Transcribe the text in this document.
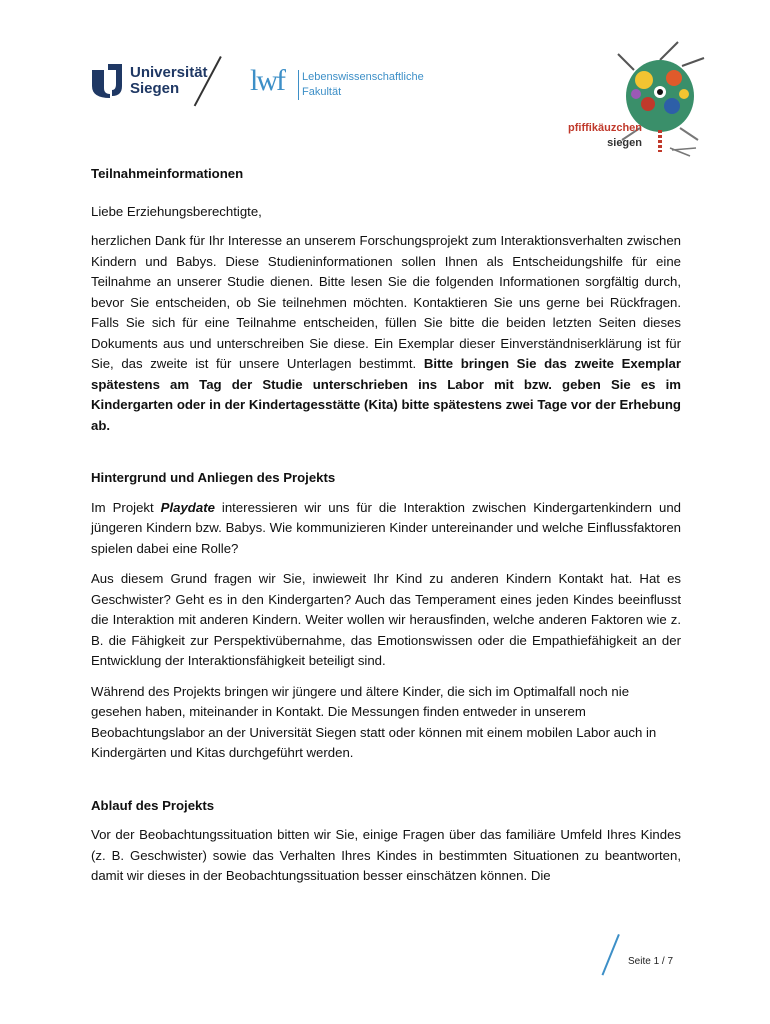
Universität
Siegen	lwf Lebenswissenschaftliche
Fakultät
pfiffikäuzchen
siegen

Teilnahmeinformationen

Liebe Erziehungsberechtigte,

herzlichen Dank für Ihr Interesse an unserem Forschungsprojekt zum Interaktionsverhalten zwischen Kindern und Babys. Diese Studieninformationen sollen Ihnen als Entscheidungshilfe für eine Teilnahme an unserer Studie dienen. Bitte lesen Sie die folgenden Informationen sorgfältig durch, bevor Sie entscheiden, ob Sie teilnehmen möchten. Kontaktieren Sie uns gerne bei Rückfragen. Falls Sie sich für eine Teilnahme entscheiden, füllen Sie bitte die beiden letzten Seiten dieses Dokuments aus und unterschreiben Sie diese. Ein Exemplar dieser Einverständniserklärung ist für Sie, das zweite ist für unsere Unterlagen bestimmt. Bitte bringen Sie das zweite Exemplar spätestens am Tag der Studie unterschrieben ins Labor mit bzw. geben Sie es im Kindergarten oder in der Kindertagesstätte (Kita) bitte spätestens zwei Tage vor der Erhebung ab.

Hintergrund und Anliegen des Projekts

Im Projekt Playdate interessieren wir uns für die Interaktion zwischen Kindergartenkindern und jüngeren Kindern bzw. Babys. Wie kommunizieren Kinder untereinander und welche Einflussfaktoren spielen dabei eine Rolle?

Aus diesem Grund fragen wir Sie, inwieweit Ihr Kind zu anderen Kindern Kontakt hat. Hat es Geschwister? Geht es in den Kindergarten? Auch das Temperament eines jeden Kindes beeinflusst die Interaktion mit anderen Kindern. Weiter wollen wir herausfinden, welche anderen Faktoren wie z. B. die Fähigkeit zur Perspektivübernahme, das Emotionswissen oder die Empathiefähigkeit an der Entwicklung der Interaktionsfähigkeit beteiligt sind.

Während des Projekts bringen wir jüngere und ältere Kinder, die sich im Optimalfall noch nie gesehen haben, miteinander in Kontakt. Die Messungen finden entweder in unserem Beobachtungslabor an der Universität Siegen statt oder können mit einem mobilen Labor auch in Kindergärten und Kitas durchgeführt werden.

Ablauf des Projekts

Vor der Beobachtungssituation bitten wir Sie, einige Fragen über das familiäre Umfeld Ihres Kindes (z. B. Geschwister) sowie das Verhalten Ihres Kindes in bestimmten Situationen zu beantworten, damit wir dieses in der Beobachtungssituation besser einschätzen können. Die

Seite 1 / 7
